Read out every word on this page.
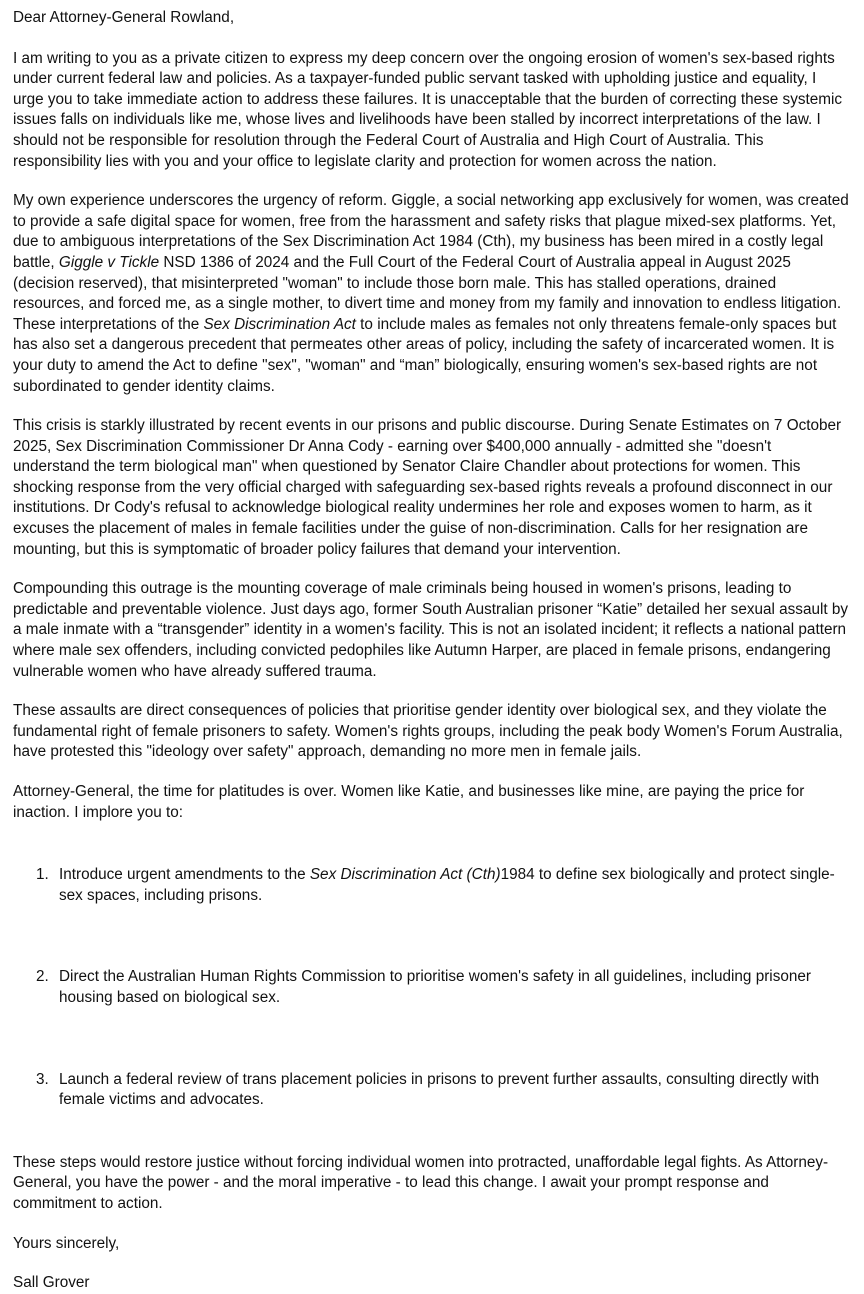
Dear Attorney-General Rowland,

I am writing to you as a private citizen to express my deep concern over the ongoing erosion of women's sex-based rights under current federal law and policies. As a taxpayer-funded public servant tasked with upholding justice and equality, I urge you to take immediate action to address these failures. It is unacceptable that the burden of correcting these systemic issues falls on individuals like me, whose lives and livelihoods have been stalled by incorrect interpretations of the law. I should not be responsible for resolution through the Federal Court of Australia and High Court of Australia. This responsibility lies with you and your office to legislate clarity and protection for women across the nation.

My own experience underscores the urgency of reform. Giggle, a social networking app exclusively for women, was created to provide a safe digital space for women, free from the harassment and safety risks that plague mixed-sex platforms. Yet, due to ambiguous interpretations of the Sex Discrimination Act 1984 (Cth), my business has been mired in a costly legal battle, Giggle v Tickle NSD 1386 of 2024 and the Full Court of the Federal Court of Australia appeal in August 2025 (decision reserved), that misinterpreted "woman" to include those born male. This has stalled operations, drained resources, and forced me, as a single mother, to divert time and money from my family and innovation to endless litigation. These interpretations of the Sex Discrimination Act to include males as females not only threatens female-only spaces but has also set a dangerous precedent that permeates other areas of policy, including the safety of incarcerated women. It is your duty to amend the Act to define "sex", "woman" and “man” biologically, ensuring women's sex-based rights are not subordinated to gender identity claims.

This crisis is starkly illustrated by recent events in our prisons and public discourse. During Senate Estimates on 7 October 2025, Sex Discrimination Commissioner Dr Anna Cody - earning over $400,000 annually - admitted she "doesn't understand the term biological man" when questioned by Senator Claire Chandler about protections for women. This shocking response from the very official charged with safeguarding sex-based rights reveals a profound disconnect in our institutions. Dr Cody's refusal to acknowledge biological reality undermines her role and exposes women to harm, as it excuses the placement of males in female facilities under the guise of non-discrimination. Calls for her resignation are mounting, but this is symptomatic of broader policy failures that demand your intervention.

Compounding this outrage is the mounting coverage of male criminals being housed in women's prisons, leading to predictable and preventable violence. Just days ago, former South Australian prisoner “Katie” detailed her sexual assault by a male inmate with a “transgender” identity in a women's facility. This is not an isolated incident; it reflects a national pattern where male sex offenders, including convicted pedophiles like Autumn Harper, are placed in female prisons, endangering vulnerable women who have already suffered trauma.

These assaults are direct consequences of policies that prioritise gender identity over biological sex, and they violate the fundamental right of female prisoners to safety. Women's rights groups, including the peak body Women's Forum Australia, have protested this "ideology over safety" approach, demanding no more men in female jails.

Attorney-General, the time for platitudes is over. Women like Katie, and businesses like mine, are paying the price for inaction. I implore you to:

1. Introduce urgent amendments to the Sex Discrimination Act (Cth)1984 to define sex biologically and protect single-sex spaces, including prisons.
2. Direct the Australian Human Rights Commission to prioritise women's safety in all guidelines, including prisoner housing based on biological sex.
3. Launch a federal review of trans placement policies in prisons to prevent further assaults, consulting directly with female victims and advocates.

These steps would restore justice without forcing individual women into protracted, unaffordable legal fights. As Attorney-General, you have the power - and the moral imperative - to lead this change. I await your prompt response and commitment to action.

Yours sincerely,

Sall Grover
